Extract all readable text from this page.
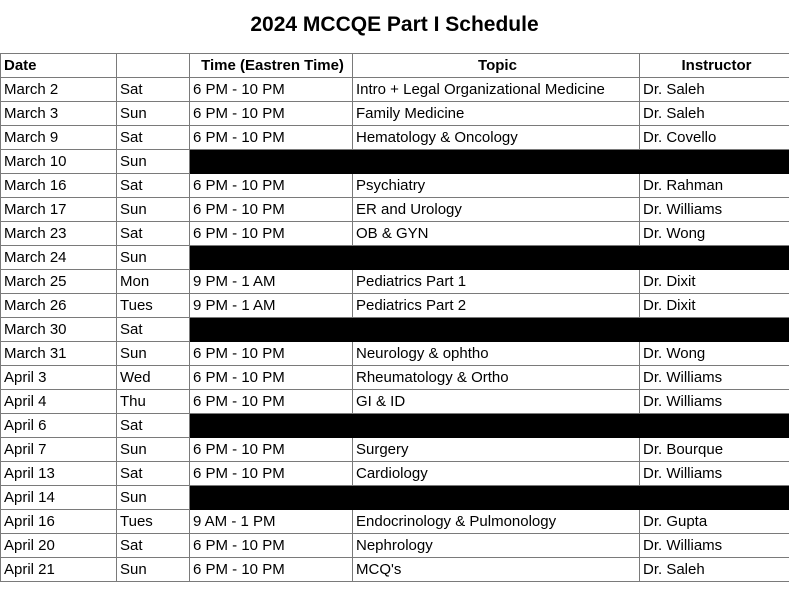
2024 MCCQE Part I Schedule
Date		Time (Eastren Time)	Topic	Instructor
March 2	Sat	6 PM - 10 PM	Intro + Legal Organizational Medicine	Dr. Saleh
March 3	Sun	6 PM - 10 PM	Family Medicine	Dr. Saleh
March 9	Sat	6 PM - 10 PM	Hematology & Oncology	Dr. Covello
March 10	Sun			
March 16	Sat	6 PM - 10 PM	Psychiatry	Dr. Rahman
March 17	Sun	6 PM - 10 PM	ER and Urology	Dr. Williams
March 23	Sat	6 PM - 10 PM	OB & GYN	Dr. Wong
March 24	Sun			
March 25	Mon	9 PM - 1 AM	Pediatrics Part 1	Dr. Dixit
March 26	Tues	9 PM - 1 AM	Pediatrics Part 2	Dr. Dixit
March 30	Sat			
March 31	Sun	6 PM - 10 PM	Neurology & ophtho	Dr. Wong
April 3	Wed	6 PM - 10 PM	Rheumatology & Ortho	Dr. Williams
April 4	Thu	6 PM - 10 PM	GI & ID	Dr. Williams
April 6	Sat			
April 7	Sun	6 PM - 10 PM	Surgery	Dr. Bourque
April 13	Sat	6 PM - 10 PM	Cardiology	Dr. Williams
April 14	Sun			
April 16	Tues	9 AM - 1 PM	Endocrinology & Pulmonology	Dr. Gupta
April 20	Sat	6 PM - 10 PM	Nephrology	Dr. Williams
April 21	Sun	6 PM - 10 PM	MCQ's	Dr. Saleh
